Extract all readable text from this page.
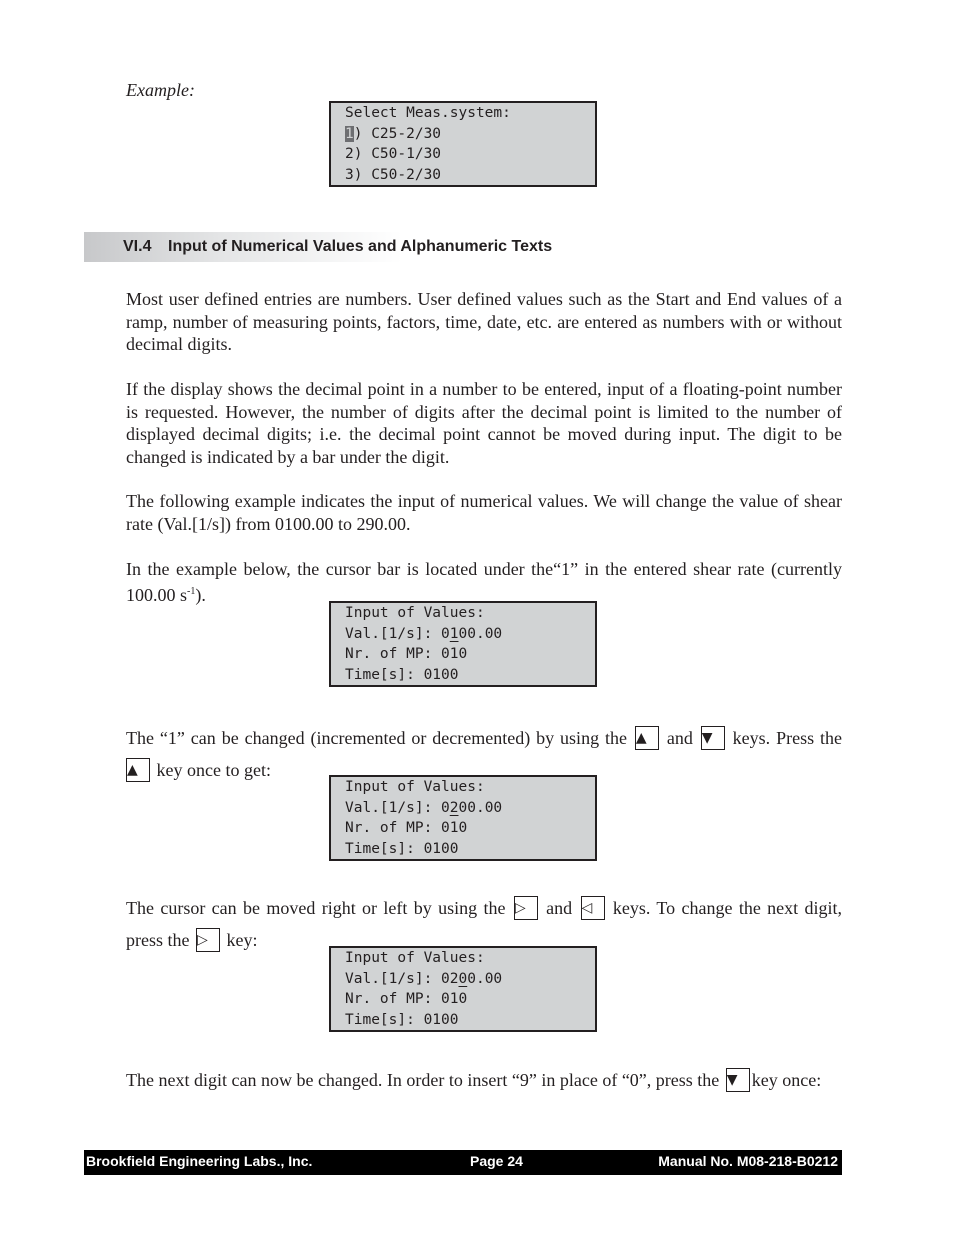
Example:
Select Meas.system:
1) C25-2/30
2) C50-1/30
3) C50-2/30
VI.4 Input of Numerical Values and Alphanumeric Texts
Most user defined entries are numbers. User defined values such as the Start and End values of a ramp, number of measuring points, factors, time, date, etc. are entered as numbers with or without decimal digits.
If the display shows the decimal point in a number to be entered, input of a floating-point number is requested. However, the number of digits after the decimal point is limited to the number of displayed decimal digits; i.e. the decimal point cannot be moved during input. The digit to be changed is indicated by a bar under the digit.
The following example indicates the input of numerical values. We will change the value of shear rate (Val.[1/s]) from 0100.00 to 290.00.
In the example below, the cursor bar is located under the“1” in the entered shear rate (currently 100.00 $s^{-1}$).
Input of Values:
Val.[1/s]: 0100.00
Nr. of MP: 010
Time[s]: 0100
The “1” can be changed (incremented or decremented) by using the ▲ and ▼ keys. Press the ▲ key once to get:
Input of Values:
Val.[1/s]: 0200.00
Nr. of MP: 010
Time[s]: 0100
The cursor can be moved right or left by using the ▷ and ◁ keys. To change the next digit, press the ▷ key:
Input of Values:
Val.[1/s]: 0200.00
Nr. of MP: 010
Time[s]: 0100
The next digit can now be changed. In order to insert “9” in place of “0”, press the ▼ key once:
Brookfield Engineering Labs., Inc.	Page 24	Manual No. M08-218-B0212
